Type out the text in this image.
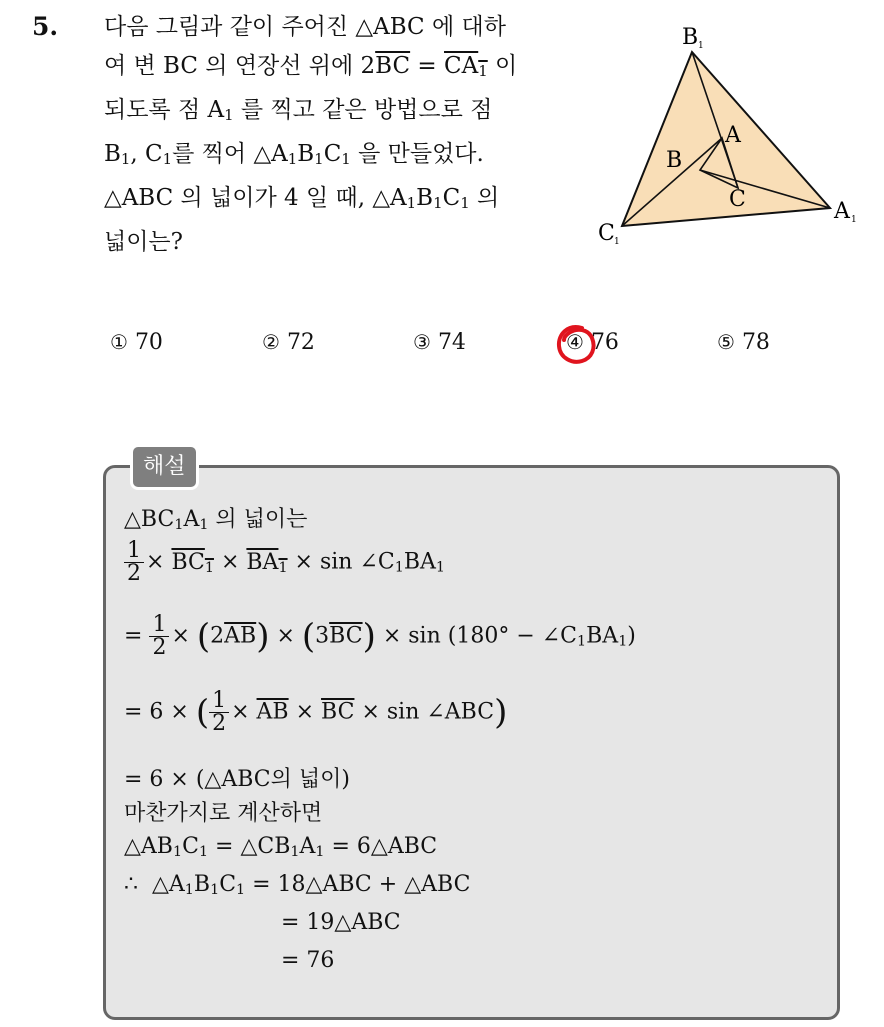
5. 다음 그림과 같이 주어진 △ABC 에 대하
여 변 BC 의 연장선 위에 $2\overline{BC} = CA_1$ 이
되도록 점 $A_1$ 를 찍고 같은 방법으로 점
$B_1$, $C_1$를 찍어 $\triangle A_1B_1C_1$ 을 만들었다.
△ABC 의 넓이가 4 일 때, $\triangle A_1B_1C_1$ 의
넓이는?
B 1
A 1
C 1
A
B
C
① 70	② 72	③ 74	④ 76	⑤ 78
해설
$\triangle BC_1A_1$ 의 넓이는
$\frac{1}{2} \times BC_1 \times BA_1 \times \sin$ $\angle C_1BA_1$
= $\frac{1}{2} \times (2\overline{AB}) \times (3\overline{BC}) \times \sin (180^\circ$ − $\angle C_1BA_1$)
= 6 × ( $\frac{1}{2} \times \overline{AB} \times \overline{BC} \times \sin$ ∠ABC)
= 6 × (△ABC의 넓이)
마찬가지로 계산하면
$\triangle AB_1C_1$ = $\triangle CB_1A_1$ = 6△ABC
∴  $\triangle A_1B_1C_1$ = 18△ABC + △ABC
= 19△ABC
= 76
